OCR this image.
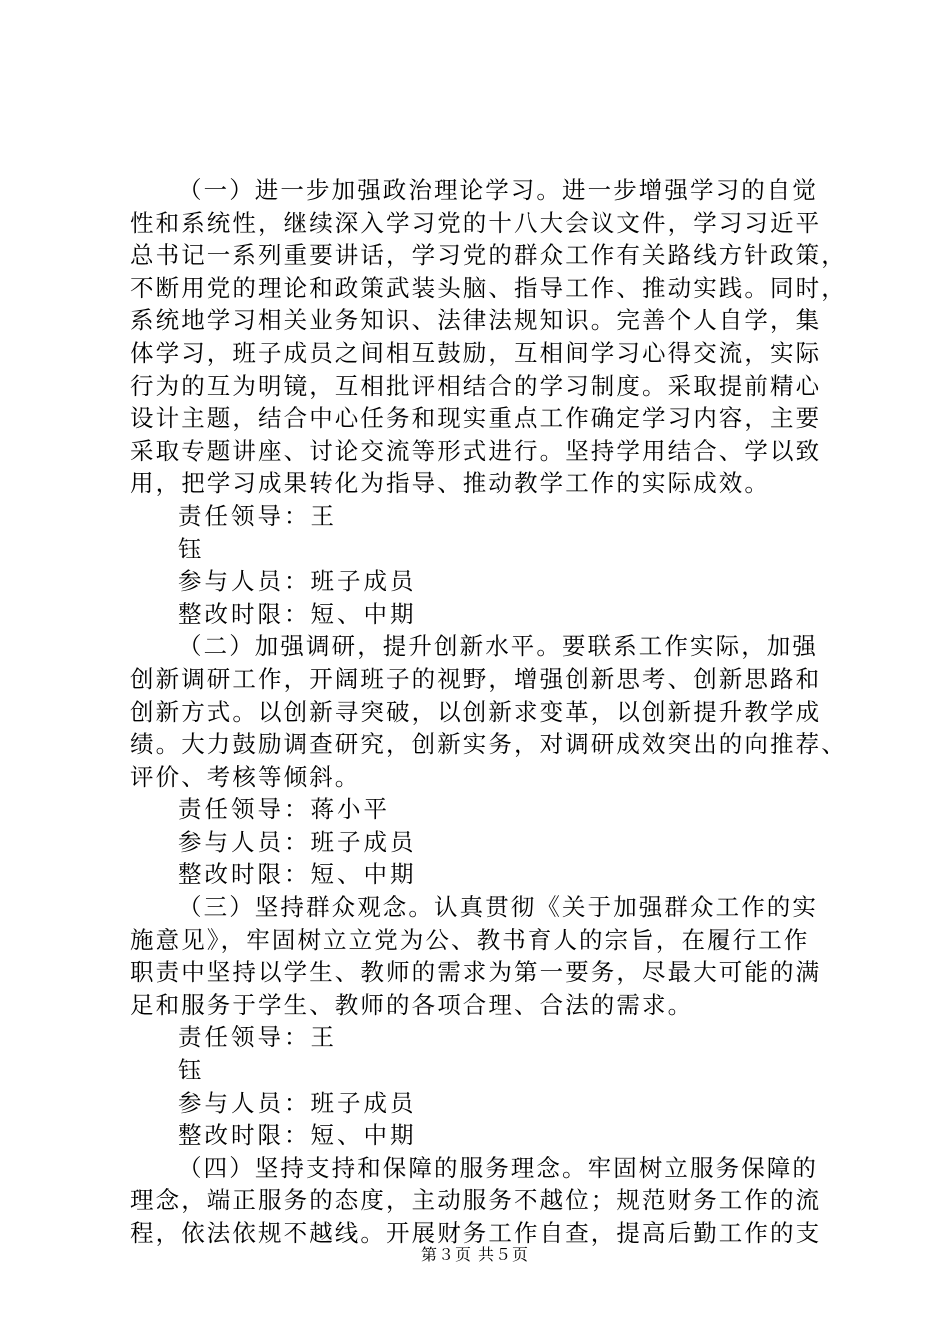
（一）进一步加强政治理论学习。进一步增强学习的自觉
性和系统性，继续深入学习党的十八大会议文件，学习习近平
总书记一系列重要讲话，学习党的群众工作有关路线方针政策，
不断用党的理论和政策武装头脑、指导工作、推动实践。同时，
系统地学习相关业务知识、法律法规知识。完善个人自学，集
体学习，班子成员之间相互鼓励，互相间学习心得交流，实际
行为的互为明镜，互相批评相结合的学习制度。采取提前精心
设计主题，结合中心任务和现实重点工作确定学习内容，主要
采取专题讲座、讨论交流等形式进行。坚持学用结合、学以致
用，把学习成果转化为指导、推动教学工作的实际成效。
责任领导：王
钰
参与人员：班子成员
整改时限：短、中期
（二）加强调研，提升创新水平。要联系工作实际，加强
创新调研工作，开阔班子的视野，增强创新思考、创新思路和
创新方式。以创新寻突破，以创新求变革，以创新提升教学成
绩。大力鼓励调查研究，创新实务，对调研成效突出的向推荐、
评价、考核等倾斜。
责任领导：蒋小平
参与人员：班子成员
整改时限：短、中期
（三）坚持群众观念。认真贯彻《关于加强群众工作的实
施意见》，牢固树立立党为公、教书育人的宗旨，在履行工作
职责中坚持以学生、教师的需求为第一要务，尽最大可能的满
足和服务于学生、教师的各项合理、合法的需求。
责任领导：王
钰
参与人员：班子成员
整改时限：短、中期
（四）坚持支持和保障的服务理念。牢固树立服务保障的
理念，端正服务的态度，主动服务不越位；规范财务工作的流
程，依法依规不越线。开展财务工作自查，提高后勤工作的支
第３页 共５页
